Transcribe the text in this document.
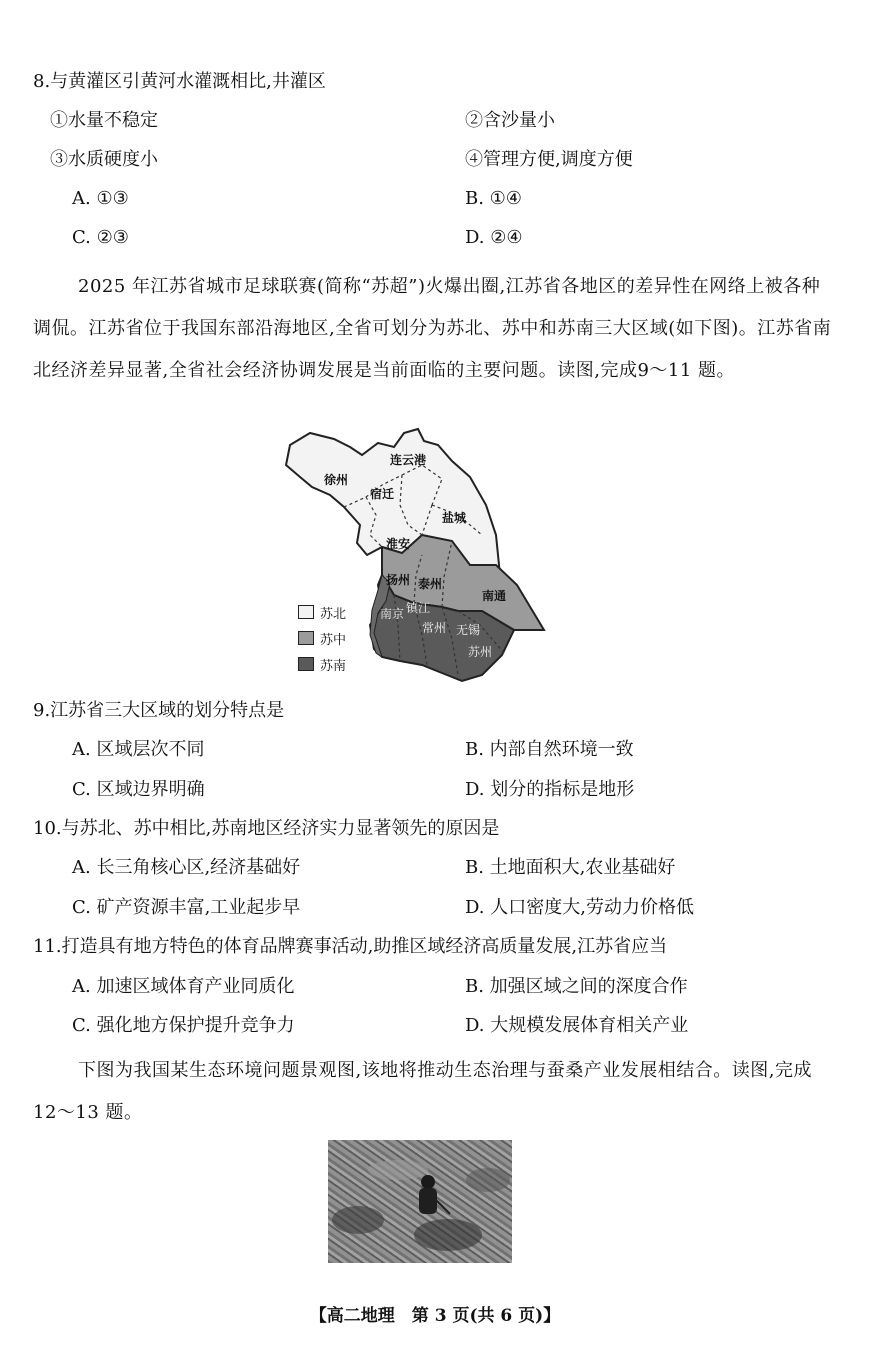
8.与黄灌区引黄河水灌溉相比,井灌区
①水量不稳定	②含沙量小
③水质硬度小	④管理方便,调度方便
A. ①③	B. ①④
C. ②③	D. ②④
2025 年江苏省城市足球联赛(简称“苏超”)火爆出圈,江苏省各地区的差异性在网络上被各种调侃。江苏省位于我国东部沿海地区,全省可划分为苏北、苏中和苏南三大区域(如下图)。江苏省南北经济差异显著,全省社会经济协调发展是当前面临的主要问题。读图,完成9～11 题。
徐州
连云港
宿迁
盐城
淮安
扬州 泰州
南通
南京 镇江
常州 无锡
苏州
苏北
苏中
苏南
9.江苏省三大区域的划分特点是
A. 区域层次不同	B. 内部自然环境一致
C. 区域边界明确	D. 划分的指标是地形
10.与苏北、苏中相比,苏南地区经济实力显著领先的原因是
A. 长三角核心区,经济基础好	B. 土地面积大,农业基础好
C. 矿产资源丰富,工业起步早	D. 人口密度大,劳动力价格低
11.打造具有地方特色的体育品牌赛事活动,助推区域经济高质量发展,江苏省应当
A. 加速区域体育产业同质化	B. 加强区域之间的深度合作
C. 强化地方保护提升竞争力	D. 大规模发展体育相关产业
下图为我国某生态环境问题景观图,该地将推动生态治理与蚕桑产业发展相结合。读图,完成 12～13 题。
【高二地理　第 3 页(共 6 页)】
